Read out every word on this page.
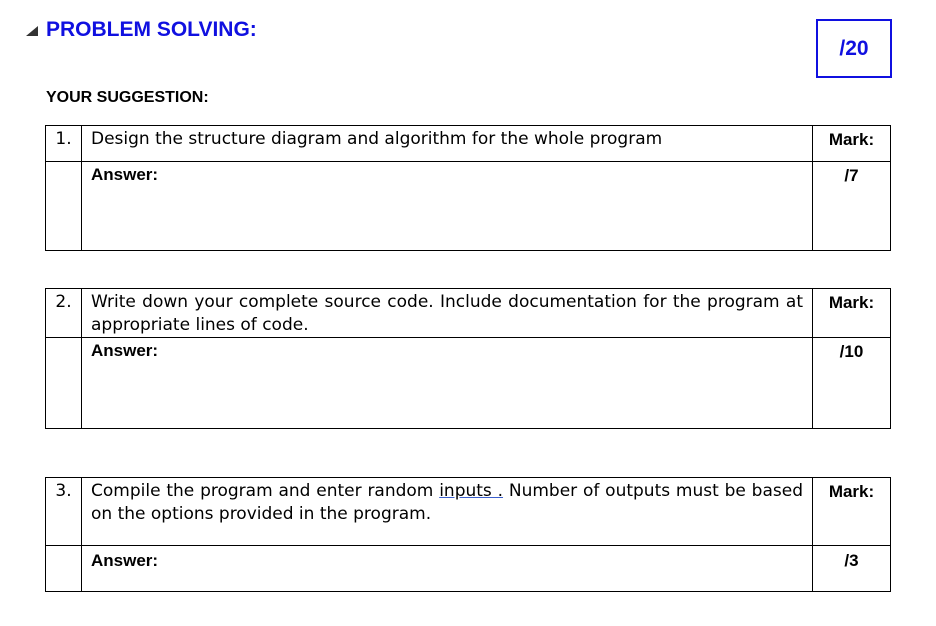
PROBLEM SOLVING:
/20
YOUR SUGGESTION:
1.	Design the structure diagram and algorithm for the whole program	Mark:
	Answer:	/7
2.	Write down your complete source code. Include documentation for the program at appropriate lines of code.	Mark:
	Answer:	/10
3.	Compile the program and enter random inputs . Number of outputs must be based on the options provided in the program.	Mark:
	Answer:	/3
